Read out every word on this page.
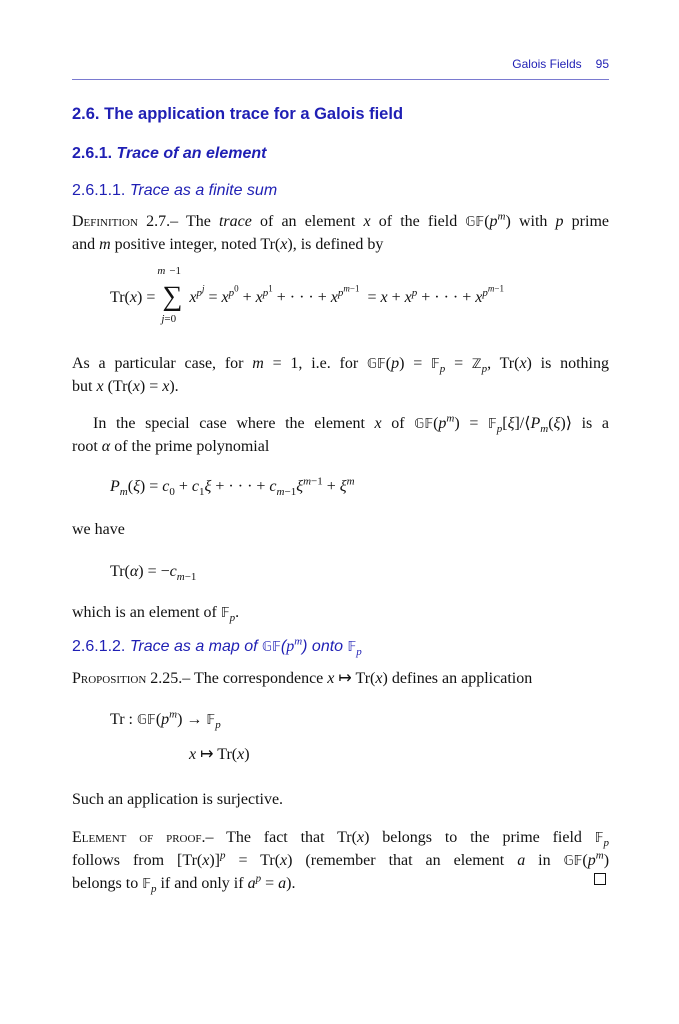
Galois Fields 95
2.6. The application trace for a Galois field
2.6.1. Trace of an element
2.6.1.1. Trace as a finite sum
Definition 2.7.– The trace of an element x of the field $𝔾𝔽(p^m)$ with p prime
and m positive integer, noted Tr(x), is defined by
Tr(x) =
m −1
∑
j=0
$x^{p^j} = x^{p^0} + x^{p^1}$ + · · · + $x^{p^{m-1}} = x + x^p$ + · · · + $x^{p^{m-1}}$
As a particular case, for m = 1, i.e. for 𝔾𝔽(p) = 𝔽$_p$ = ℤ$_p$, Tr(x) is nothing
but x (Tr(x) = x).
In the special case where the element x of $𝔾𝔽(p^m)$ = $𝔽_p[\xi]/⟨P_m(\xi)⟩$ is a
root α of the prime polynomial
$P_m(\xi) = c_0 + c_1\xi$ + · · · + $c_{m-1}\xi^{m-1} + \xi^m$
we have
$Tr(\alpha) = -c_{m-1}$
which is an element of 𝔽$_p$.
2.6.1.2. Trace as a map of $𝔾𝔽(p^m)$ onto 𝔽$_p$
Proposition 2.25.– The correspondence x ↦ Tr(x) defines an application
Tr : $𝔾𝔽(p^m)$ → 𝔽$_p$
x ↦ Tr(x)
Such an application is surjective.
Element of proof.– The fact that Tr(x) belongs to the prime field 𝔽$_p$
follows from $[Tr(x)]^p = Tr(x)$ (remember that an element a in $𝔾𝔽(p^m)$
belongs to 𝔽$_p$ if and only if $a^p = a$).
